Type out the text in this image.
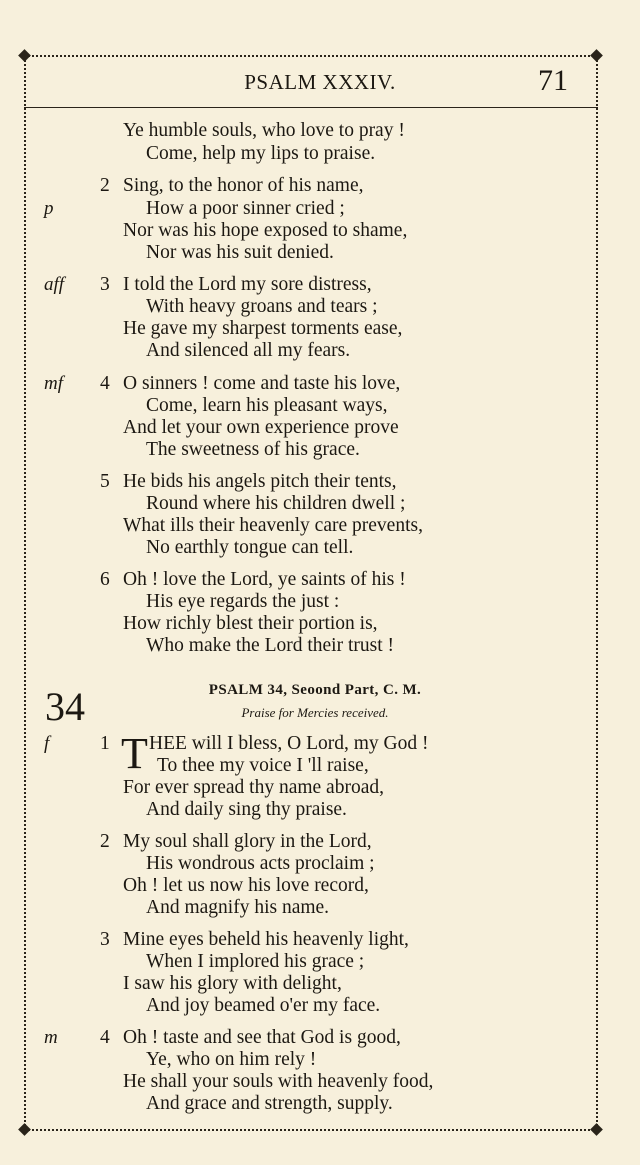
PSALM XXXIV.	71
Ye humble souls, who love to pray !
Come, help my lips to praise.
2 Sing, to the honor of his name,
p	How a poor sinner cried ;
Nor was his hope exposed to shame,
Nor was his suit denied.
aff 3 I told the Lord my sore distress,
With heavy groans and tears ;
He gave my sharpest torments ease,
And silenced all my fears.
mf 4 O sinners ! come and taste his love,
Come, learn his pleasant ways,
And let your own experience prove
The sweetness of his grace.
5 He bids his angels pitch their tents,
Round where his children dwell ;
What ills their heavenly care prevents,
No earthly tongue can tell.
6 Oh ! love the Lord, ye saints of his !
His eye regards the just :
How richly blest their portion is,
Who make the Lord their trust !
34	PSALM 34, Seoond Part, C. M.
Praise for Mercies received.
f	1 T HEE will I bless, O Lord, my God !
To thee my voice I 'll raise,
For ever spread thy name abroad,
And daily sing thy praise.
2 My soul shall glory in the Lord,
His wondrous acts proclaim ;
Oh ! let us now his love record,
And magnify his name.
3 Mine eyes beheld his heavenly light,
When I implored his grace ;
I saw his glory with delight,
And joy beamed o'er my face.
m 4 Oh ! taste and see that God is good,
Ye, who on him rely !
He shall your souls with heavenly food,
And grace and strength, supply.
